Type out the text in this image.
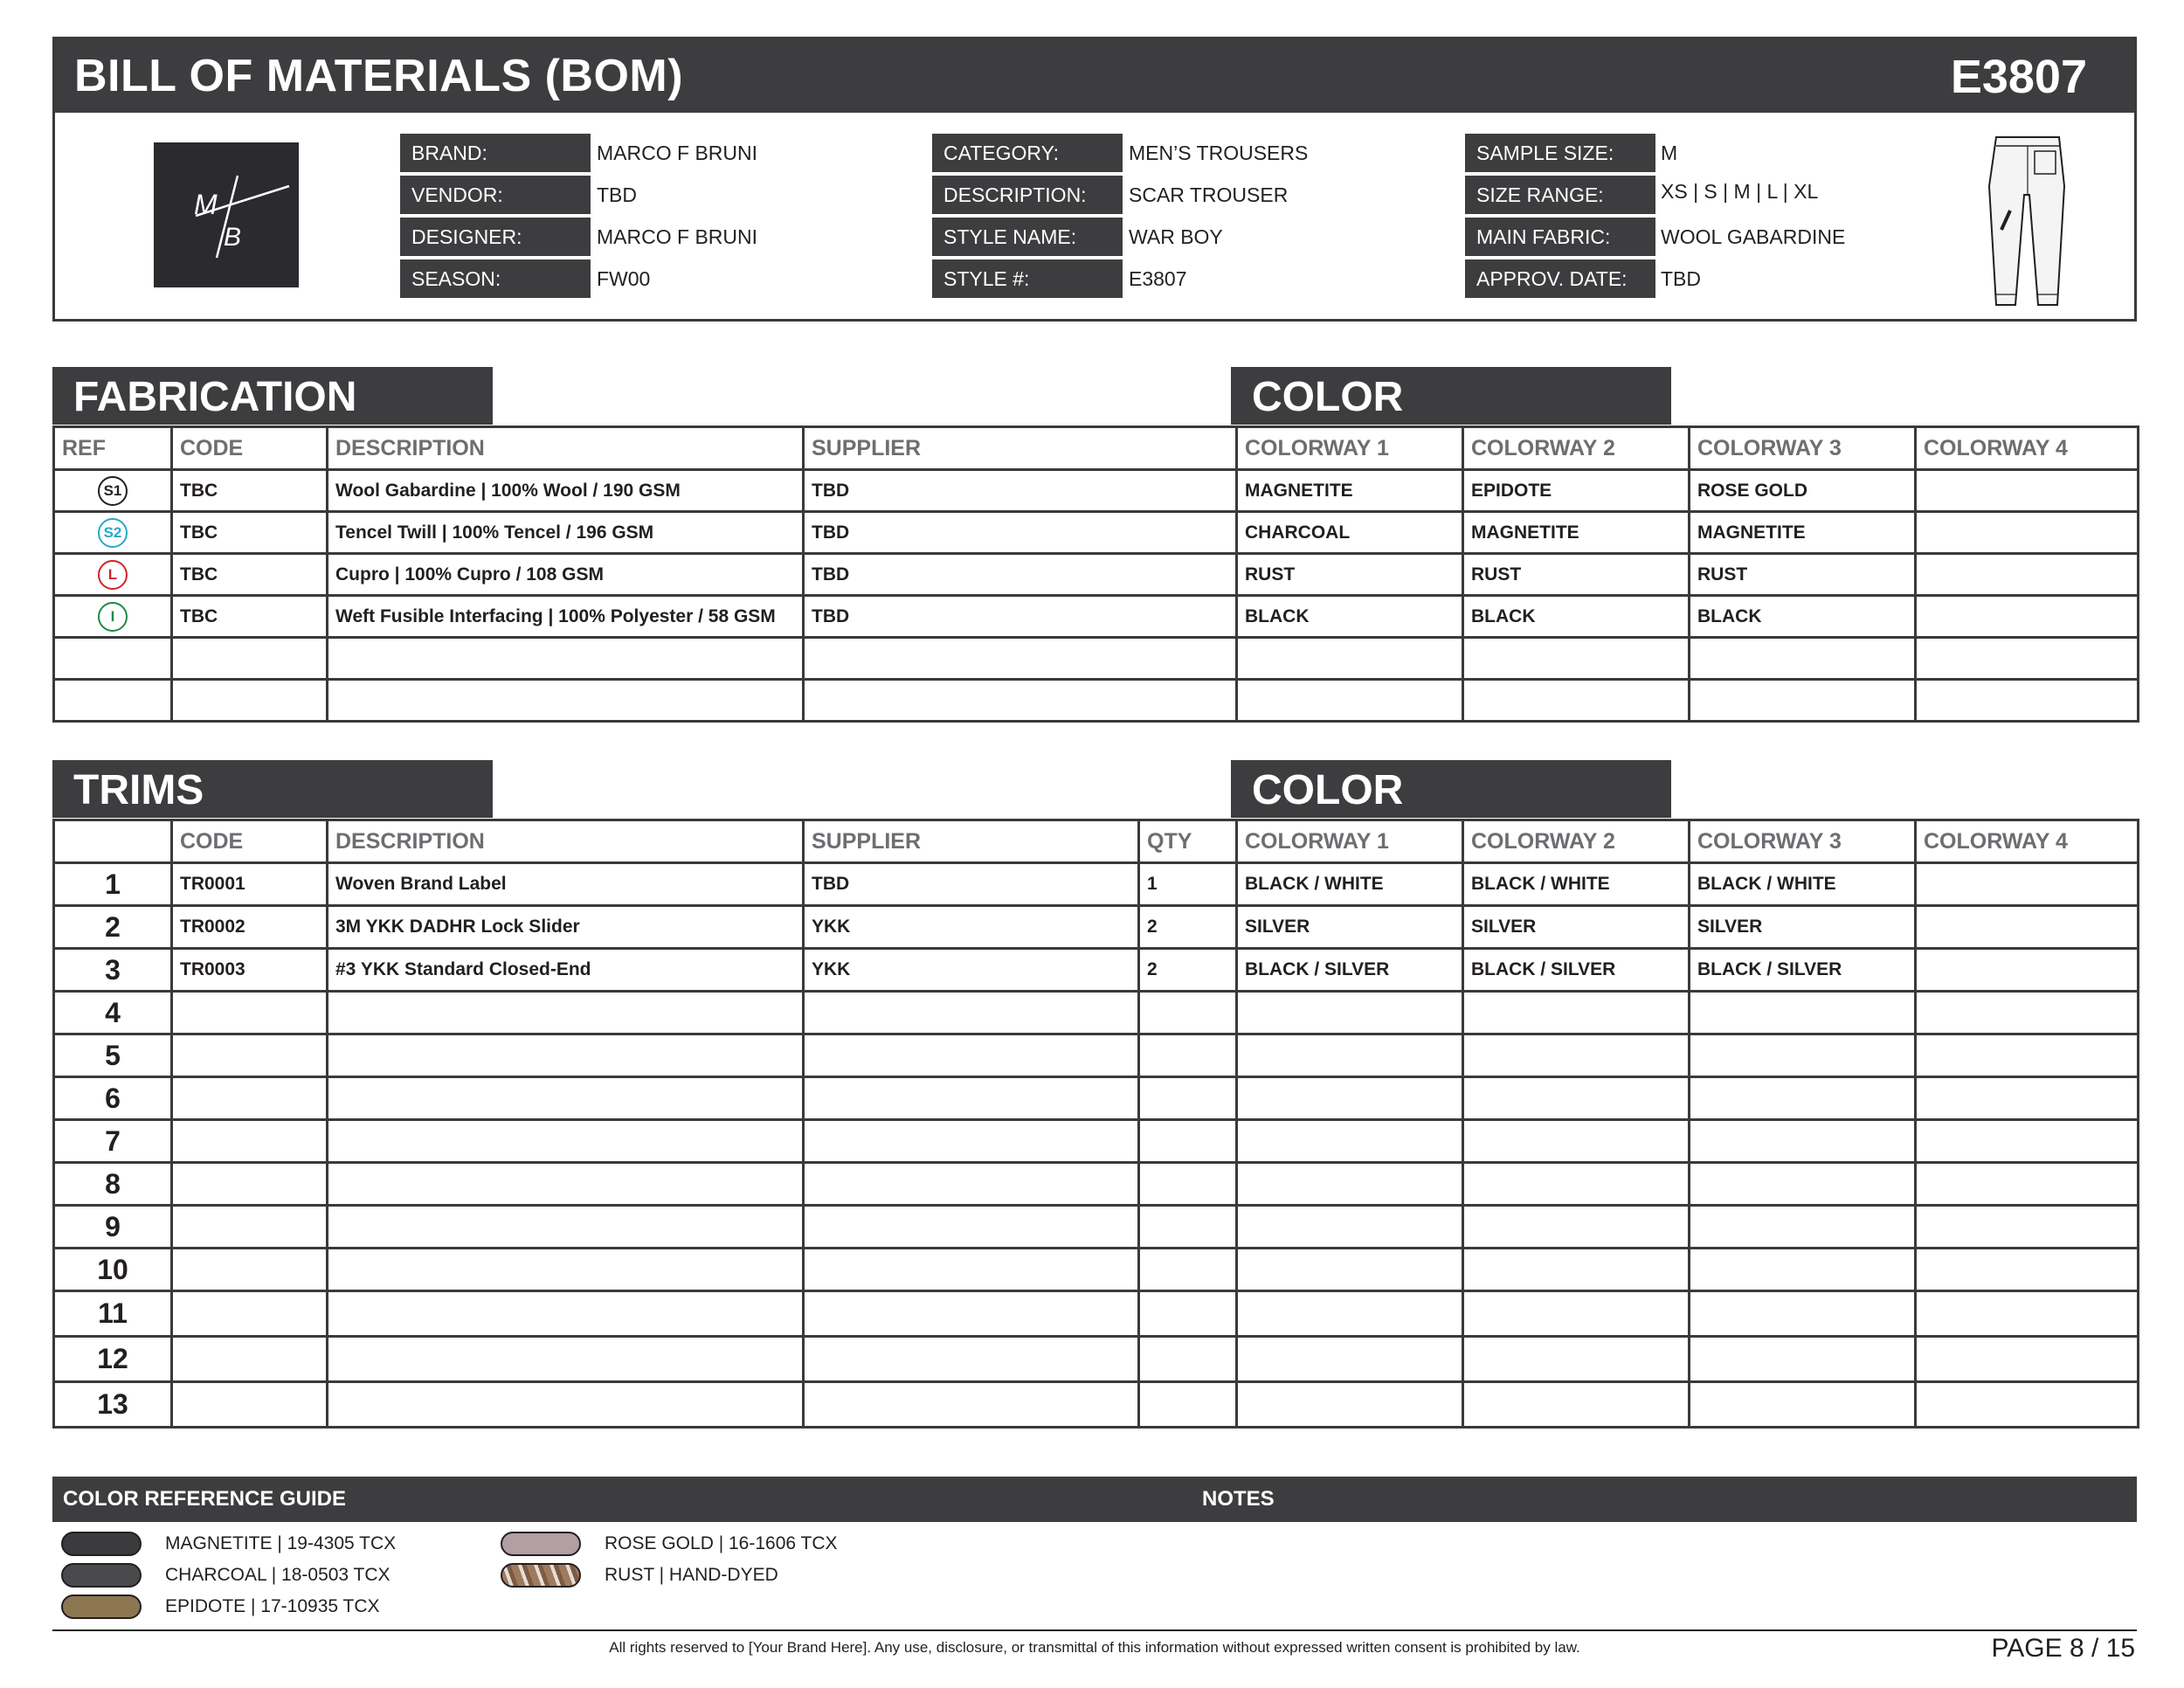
BILL OF MATERIALS (BOM)	E3807
M
B
BRAND:	MARCO F BRUNI
VENDOR:	TBD
DESIGNER:	MARCO F BRUNI
SEASON:	FW00
CATEGORY:	MEN’S TROUSERS
DESCRIPTION:	SCAR TROUSER
STYLE NAME:	WAR BOY
STYLE #:	E3807
SAMPLE SIZE:	M
SIZE RANGE:	XS | S | M | L | XL
MAIN FABRIC:	WOOL GABARDINE
APPROV. DATE:	TBD
FABRICATION	COLOR
REF	CODE	DESCRIPTION	SUPPLIER	COLORWAY 1	COLORWAY 2	COLORWAY 3	COLORWAY 4
S1	TBC	Wool Gabardine | 100% Wool / 190 GSM	TBD	MAGNETITE	EPIDOTE	ROSE GOLD	
S2	TBC	Tencel Twill | 100% Tencel / 196 GSM	TBD	CHARCOAL	MAGNETITE	MAGNETITE	
L	TBC	Cupro | 100% Cupro / 108 GSM	TBD	RUST	RUST	RUST	
I	TBC	Weft Fusible Interfacing | 100% Polyester / 58 GSM	TBD	BLACK	BLACK	BLACK	

TRIMS	COLOR
	CODE	DESCRIPTION	SUPPLIER	QTY	COLORWAY 1	COLORWAY 2	COLORWAY 3	COLORWAY 4
1	TR0001	Woven Brand Label	TBD	1	BLACK / WHITE	BLACK / WHITE	BLACK / WHITE	
2	TR0002	3M YKK DADHR Lock Slider	YKK	2	SILVER	SILVER	SILVER	
3	TR0003	#3 YKK Standard Closed-End	YKK	2	BLACK / SILVER	BLACK / SILVER	BLACK / SILVER	
4								
5								
6								
7								
8								
9								
10								
11								
12								
13								
COLOR REFERENCE GUIDE	NOTES
MAGNETITE | 19-4305 TCX
CHARCOAL | 18-0503 TCX
EPIDOTE | 17-10935 TCX
ROSE GOLD | 16-1606 TCX
RUST | HAND-DYED
All rights reserved to [Your Brand Here]. Any use, disclosure, or transmittal of this information without expressed written consent is prohibited by law.	PAGE 8 / 15
